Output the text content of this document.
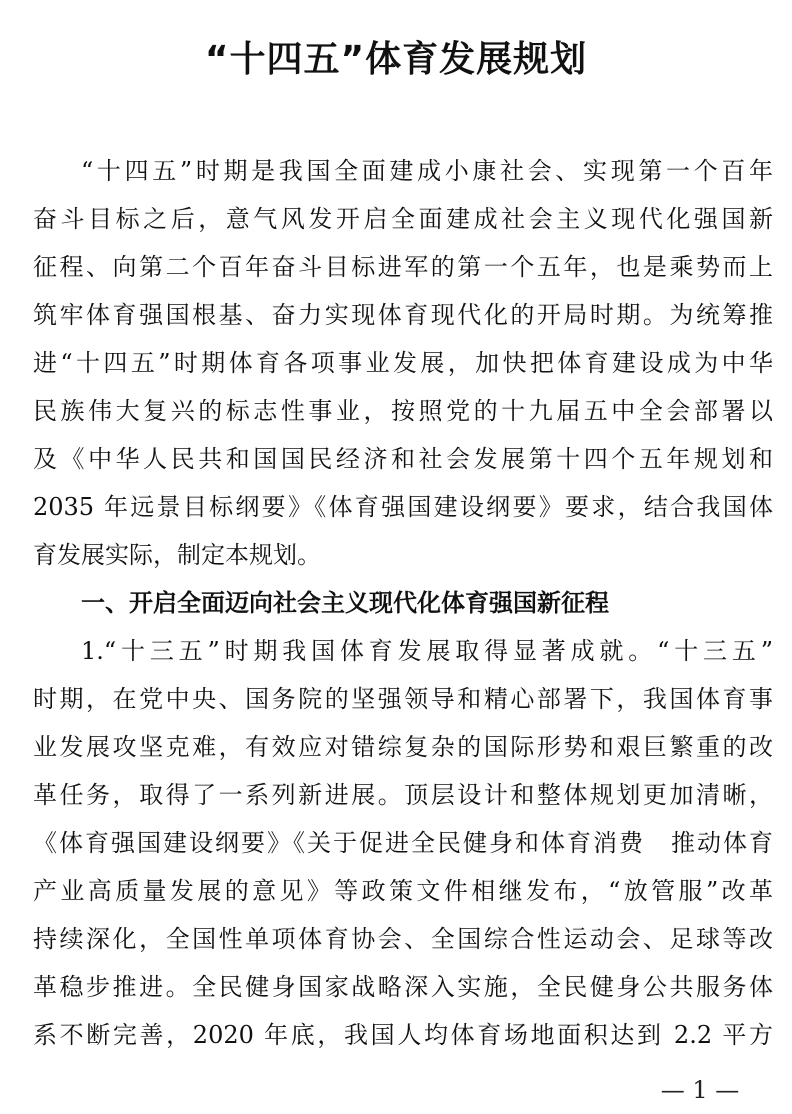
“十四五”体育发展规划
“十四五”时期是我国全面建成小康社会、实现第一个百年
奋斗目标之后，意气风发开启全面建成社会主义现代化强国新
征程、向第二个百年奋斗目标进军的第一个五年，也是乘势而上
筑牢体育强国根基、奋力实现体育现代化的开局时期。为统筹推
进“十四五”时期体育各项事业发展，加快把体育建设成为中华
民族伟大复兴的标志性事业，按照党的十九届五中全会部署以
及《中华人民共和国国民经济和社会发展第十四个五年规划和
2035 年远景目标纲要》《体育强国建设纲要》要求，结合我国体
育发展实际，制定本规划。
一、开启全面迈向社会主义现代化体育强国新征程
1.“十三五”时期我国体育发展取得显著成就。“十三五”
时期，在党中央、国务院的坚强领导和精心部署下，我国体育事
业发展攻坚克难，有效应对错综复杂的国际形势和艰巨繁重的改
革任务，取得了一系列新进展。顶层设计和整体规划更加清晰，
《体育强国建设纲要》《关于促进全民健身和体育消费　推动体育
产业高质量发展的意见》等政策文件相继发布，“放管服”改革
持续深化，全国性单项体育协会、全国综合性运动会、足球等改
革稳步推进。全民健身国家战略深入实施，全民健身公共服务体
系不断完善，2020 年底，我国人均体育场地面积达到 2.2 平方
— 1 —
